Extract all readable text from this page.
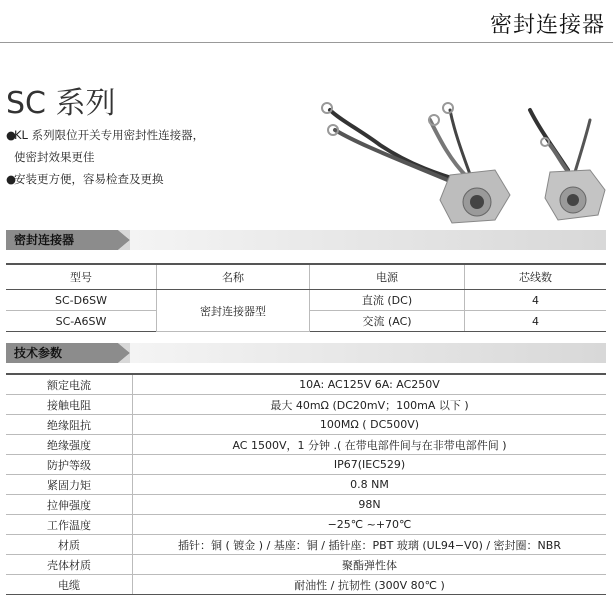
密封连接器
SC 系列
●KL 系列限位开关专用密封性连接器，
使密封效果更佳
●安装更方便，容易检查及更换
密封连接器
型号	名称	电源	芯线数
SC-D6SW	密封连接器型	直流 (DC)	4
SC-A6SW		交流 (AC)	4
技术参数
额定电流	10A: AC125V 6A: AC250V
接触电阻	最大 40mΩ (DC20mV；100mA 以下 )
绝缘阻抗	100MΩ ( DC500V)
绝缘强度	AC 1500V，1 分钟 .( 在带电部件间与在非带电部件间 )
防护等级	IP67(IEC529)
紧固力矩	0.8 NM
拉伸强度	98N
工作温度	−25℃ ~+70℃
材质	插针：铜 ( 镀金 ) / 基座：铜 / 插针座：PBT 玻璃 (UL94−V0) / 密封圈：NBR
壳体材质	聚酯弹性体
电缆	耐油性 / 抗韧性 (300V 80℃ )
